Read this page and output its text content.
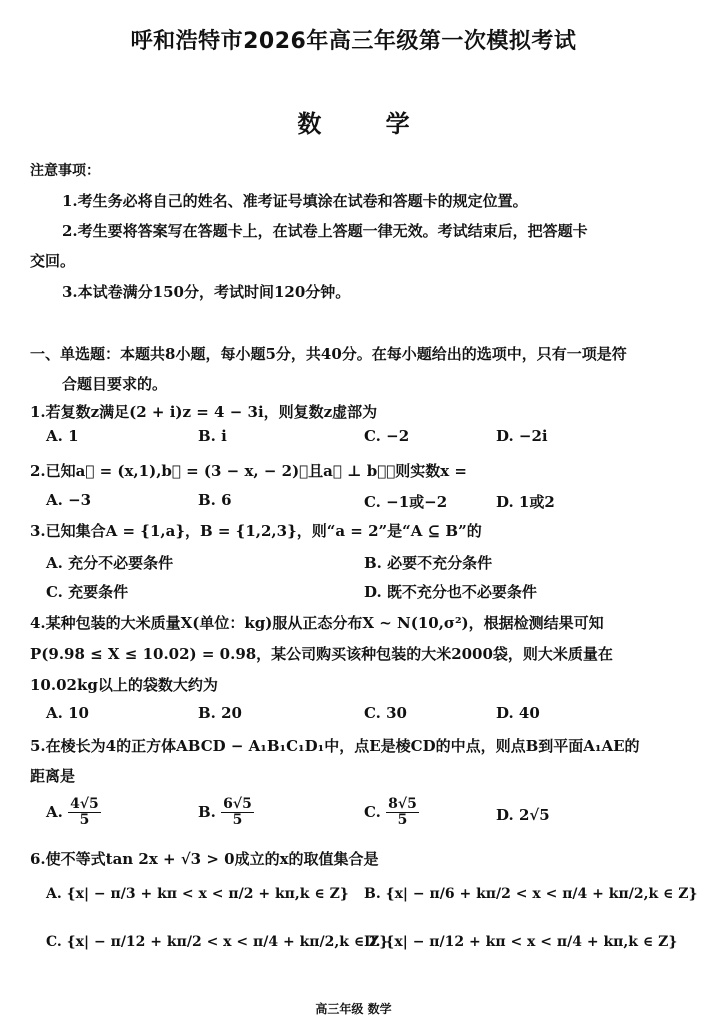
呼和浩特市2026年高三年级第一次模拟考试
数 学
注意事项：
1.考生务必将自己的姓名、准考证号填涂在试卷和答题卡的规定位置。
2.考生要将答案写在答题卡上，在试卷上答题一律无效。考试结束后，把答题卡
交回。
3.本试卷满分150分，考试时间120分钟。
一、单选题：本题共8小题，每小题5分，共40分。在每小题给出的选项中，只有一项是符
合题目要求的。
1.若复数z满足(2 + i)z = 4 − 3i，则复数z虚部为
A. 1	B. i	C. −2	D. −2i
2.已知a⃗ = (x,1),b⃗ = (3 − x, − 2)，且a⃗ ⊥ b⃗，则实数x =
A. −3	B. 6	C. −1或−2	D. 1或2
3.已知集合A = {1,a}，B = {1,2,3}，则“a = 2”是“A ⊆ B”的
A. 充分不必要条件	B. 必要不充分条件
C. 充要条件	D. 既不充分也不必要条件
4.某种包装的大米质量X(单位：kg)服从正态分布X ~ N(10,σ²)，根据检测结果可知
P(9.98 ≤ X ≤ 10.02) = 0.98，某公司购买该种包装的大米2000袋，则大米质量在
10.02kg以上的袋数大约为
A. 10	B. 20	C. 30	D. 40
5.在棱长为4的正方体ABCD − A₁B₁C₁D₁中，点E是棱CD的中点，则点B到平面A₁AE的
距离是
A. $\frac{4√5}{5}$	B. $\frac{6√5}{5}$	C. $\frac{8√5}{5}$	D. 2√5
6.使不等式tan 2x + √3 > 0成立的x的取值集合是
A. {x| − π/3 + kπ < x < π/2 + kπ,k ∈ Z} B. {x| − π/6 + kπ/2 < x < π/4 + kπ/2,k ∈ Z}
C. {x| − π/12 + kπ/2 < x < π/4 + kπ/2,k ∈ Z}
D. {x| − π/12 + kπ < x < π/4 + kπ,k ∈ Z}
高三年级 数学
